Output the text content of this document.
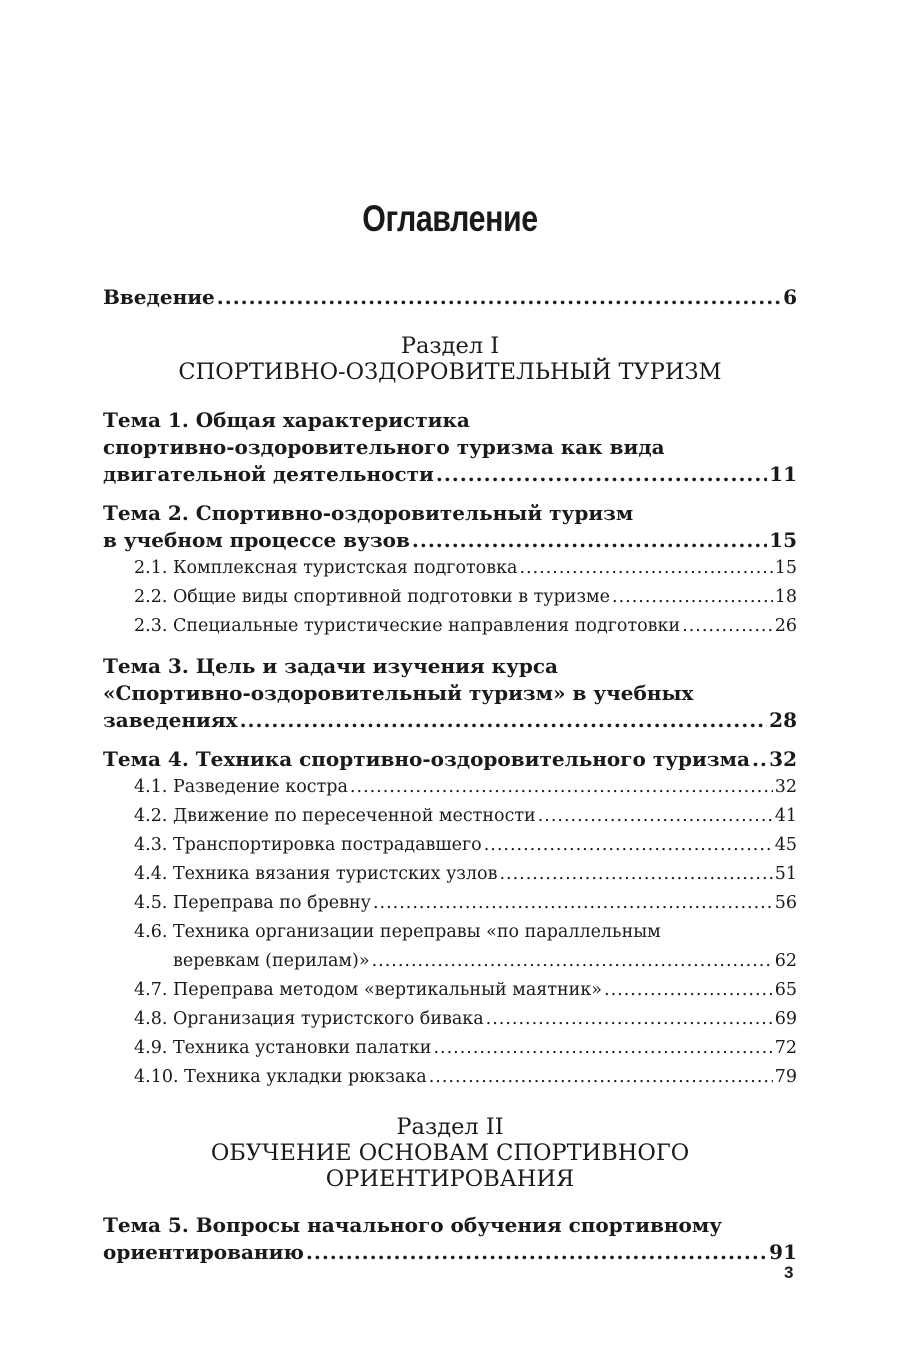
Оглавление
Введение .....	6
Раздел I
СПОРТИВНО-ОЗДОРОВИТЕЛЬНЫЙ ТУРИЗМ
Тема 1. Общая характеристика
спортивно-оздоровительного туризма как вида
двигательной деятельности .....	11
Тема 2. Спортивно-оздоровительный туризм
в учебном процессе вузов .....	15
2.1. Комплексная туристская подготовка .....	15
2.2. Общие виды спортивной подготовки в туризме .....	18
2.3. Специальные туристические направления подготовки .....	26
Тема 3. Цель и задачи изучения курса
«Спортивно-оздоровительный туризм» в учебных
заведениях .....	28
Тема 4. Техника спортивно-оздоровительного туризма ..... 32
4.1. Разведение костра .....	32
4.2. Движение по пересеченной местности .....	41
4.3. Транспортировка пострадавшего .....	45
4.4. Техника вязания туристских узлов .....	51
4.5. Переправа по бревну .....	56
4.6. Техника организации переправы «по параллельным
веревкам (перилам)» .....	62
4.7. Переправа методом «вертикальный маятник» .....	65
4.8. Организация туристского бивака .....	69
4.9. Техника установки палатки .....	72
4.10. Техника укладки рюкзака .....	79
Раздел II
ОБУЧЕНИЕ ОСНОВАМ СПОРТИВНОГО
ОРИЕНТИРОВАНИЯ
Тема 5. Вопросы начального обучения спортивному
ориентированию .....	91
3
